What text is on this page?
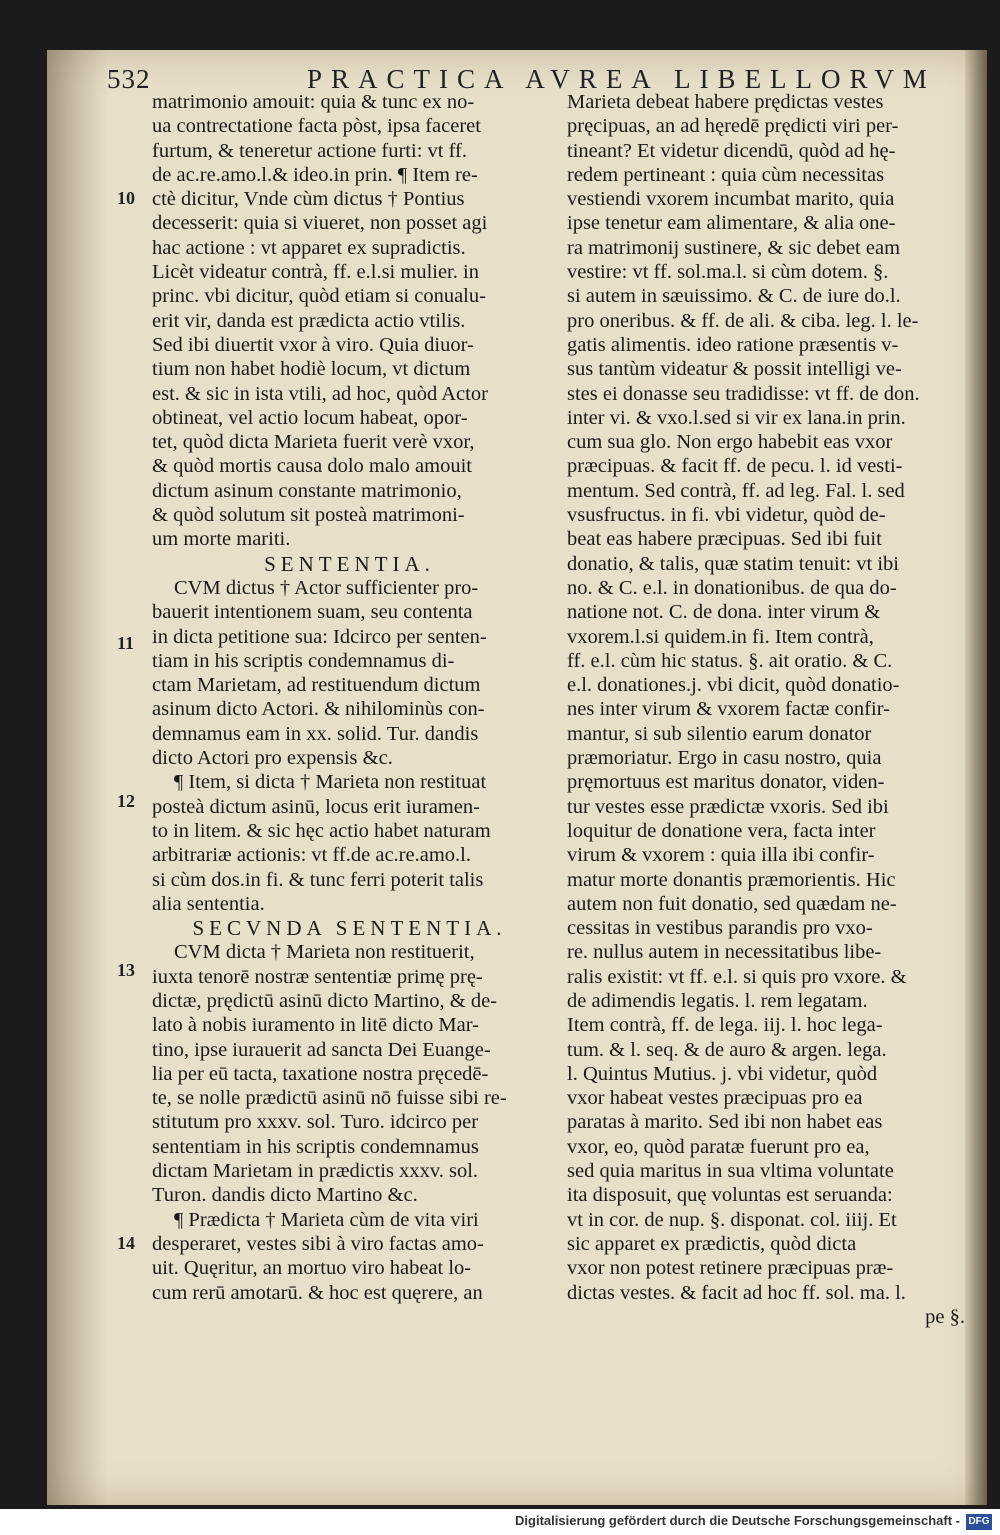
532	PRACTICA AVREA LIBELLORVM
10
11
12
13
14
matrimonio amouit: quia & tunc ex no-
ua contrectatione facta pòst, ipsa faceret
furtum, & teneretur actione furti: vt ff.
de ac.re.amo.l.& ideo.in prin. ¶ Item re-
ctè dicitur, Vnde cùm dictus † Pontius
decesserit: quia si viueret, non posset agi
hac actione : vt apparet ex supradictis.
Licèt videatur contrà, ff. e.l.si mulier. in
princ. vbi dicitur, quòd etiam si conualu-
erit vir, danda est prædicta actio vtilis.
Sed ibi diuertit vxor à viro. Quia diuor-
tium non habet hodiè locum, vt dictum
est. & sic in ista vtili, ad hoc, quòd Actor
obtineat, vel actio locum habeat, opor-
tet, quòd dicta Marieta fuerit verè vxor,
& quòd mortis causa dolo malo amouit
dictum asinum constante matrimonio,
& quòd solutum sit posteà matrimoni-
um morte mariti.
SENTENTIA.
CVM dictus † Actor sufficienter pro-
bauerit intentionem suam, seu contenta
in dicta petitione sua: Idcirco per senten-
tiam in his scriptis condemnamus di-
ctam Marietam, ad restituendum dictum
asinum dicto Actori. & nihilominùs con-
demnamus eam in xx. solid. Tur. dandis
dicto Actori pro expensis &c.
¶ Item, si dicta † Marieta non restituat
posteà dictum asinū, locus erit iuramen-
to in litem. & sic hęc actio habet naturam
arbitrariæ actionis: vt ff.de ac.re.amo.l.
si cùm dos.in fi. & tunc ferri poterit talis
alia sententia.
SECVNDA SENTENTIA.
CVM dicta † Marieta non restituerit,
iuxta tenorē nostræ sententiæ primę prę-
dictæ, prędictū asinū dicto Martino, & de-
lato à nobis iuramento in litē dicto Mar-
tino, ipse iurauerit ad sancta Dei Euange-
lia per eū tacta, taxatione nostra pręcedē-
te, se nolle prædictū asinū nō fuisse sibi re-
stitutum pro xxxv. sol. Turo. idcirco per
sententiam in his scriptis condemnamus
dictam Marietam in prædictis xxxv. sol.
Turon. dandis dicto Martino &c.
¶ Prædicta † Marieta cùm de vita viri
desperaret, vestes sibi à viro factas amo-
uit. Quęritur, an mortuo viro habeat lo-
cum rerū amotarū. & hoc est quęrere, an
Marieta debeat habere prędictas vestes
pręcipuas, an ad hęredē prędicti viri per-
tineant? Et videtur dicendū, quòd ad hę-
redem pertineant : quia cùm necessitas
vestiendi vxorem incumbat marito, quia
ipse tenetur eam alimentare, & alia one-
ra matrimonij sustinere, & sic debet eam
vestire: vt ff. sol.ma.l. si cùm dotem. §.
si autem in sæuissimo. & C. de iure do.l.
pro oneribus. & ff. de ali. & ciba. leg. l. le-
gatis alimentis. ideo ratione præsentis v-
sus tantùm videatur & possit intelligi ve-
stes ei donasse seu tradidisse: vt ff. de don.
inter vi. & vxo.l.sed si vir ex lana.in prin.
cum sua glo. Non ergo habebit eas vxor
præcipuas. & facit ff. de pecu. l. id vesti-
mentum. Sed contrà, ff. ad leg. Fal. l. sed
vsusfructus. in fi. vbi videtur, quòd de-
beat eas habere præcipuas. Sed ibi fuit
donatio, & talis, quæ statim tenuit: vt ibi
no. & C. e.l. in donationibus. de qua do-
natione not. C. de dona. inter virum &
vxorem.l.si quidem.in fi. Item contrà,
ff. e.l. cùm hic status. §. ait oratio. & C.
e.l. donationes.j. vbi dicit, quòd donatio-
nes inter virum & vxorem factæ confir-
mantur, si sub silentio earum donator
præmoriatur. Ergo in casu nostro, quia
pręmortuus est maritus donator, viden-
tur vestes esse prædictæ vxoris. Sed ibi
loquitur de donatione vera, facta inter
virum & vxorem : quia illa ibi confir-
matur morte donantis præmorientis. Hic
autem non fuit donatio, sed quædam ne-
cessitas in vestibus parandis pro vxo-
re. nullus autem in necessitatibus libe-
ralis existit: vt ff. e.l. si quis pro vxore. &
de adimendis legatis. l. rem legatam.
Item contrà, ff. de lega. iij. l. hoc lega-
tum. & l. seq. & de auro & argen. lega.
l. Quintus Mutius. j. vbi videtur, quòd
vxor habeat vestes præcipuas pro ea
paratas à marito. Sed ibi non habet eas
vxor, eo, quòd paratæ fuerunt pro ea,
sed quia maritus in sua vltima voluntate
ita disposuit, quę voluntas est seruanda:
vt in cor. de nup. §. disponat. col. iiij. Et
sic apparet ex prædictis, quòd dicta
vxor non potest retinere præcipuas præ-
dictas vestes. & facit ad hoc ff. sol. ma. l.
pe §.
Digitalisierung gefördert durch die Deutsche Forschungsgemeinschaft - DFG
